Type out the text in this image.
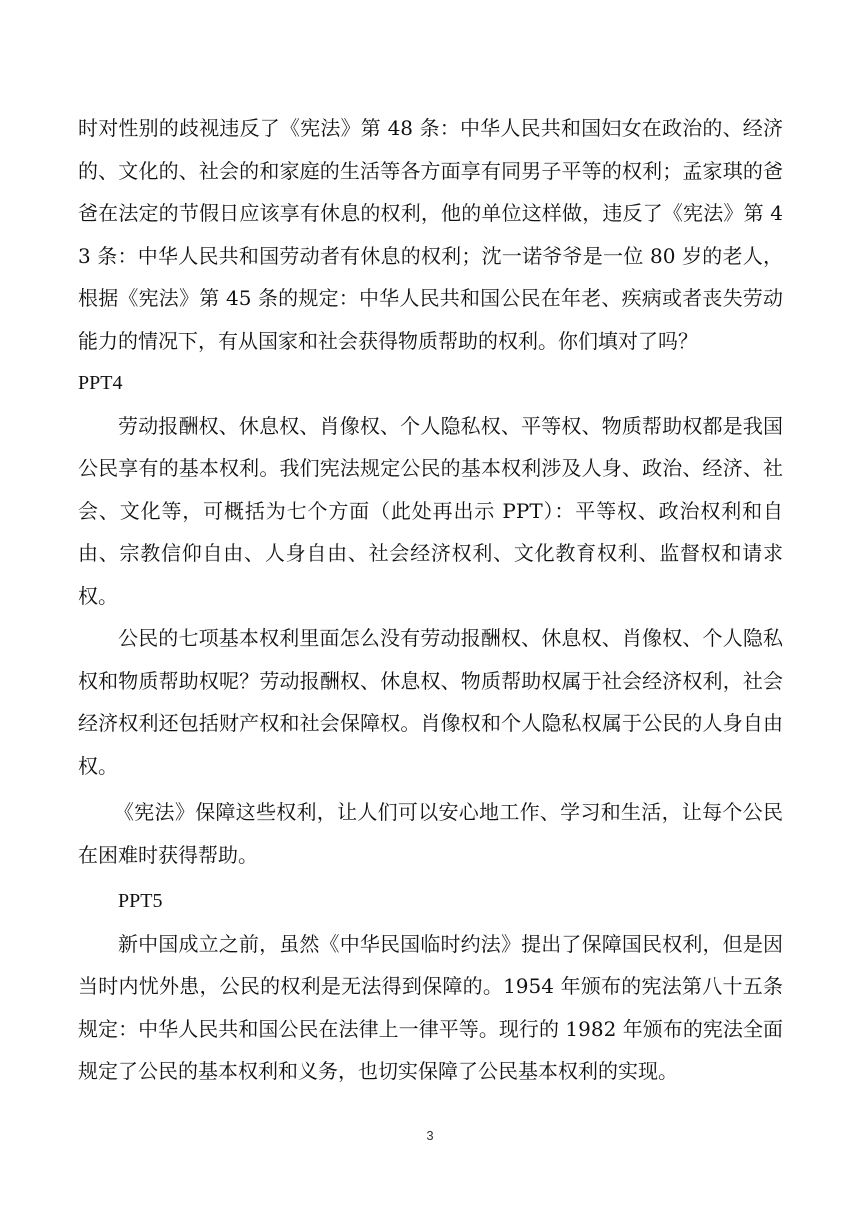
时对性别的歧视违反了《宪法》第 48 条：中华人民共和国妇女在政治的、经济的、文化的、社会的和家庭的生活等各方面享有同男子平等的权利；孟家琪的爸爸在法定的节假日应该享有休息的权利，他的单位这样做，违反了《宪法》第 43 条：中华人民共和国劳动者有休息的权利；沈一诺爷爷是一位 80 岁的老人，根据《宪法》第 45 条的规定：中华人民共和国公民在年老、疾病或者丧失劳动能力的情况下，有从国家和社会获得物质帮助的权利。你们填对了吗？

PPT4

劳动报酬权、休息权、肖像权、个人隐私权、平等权、物质帮助权都是我国公民享有的基本权利。我们宪法规定公民的基本权利涉及人身、政治、经济、社会、文化等，可概括为七个方面（此处再出示 PPT）：平等权、政治权利和自由、宗教信仰自由、人身自由、社会经济权利、文化教育权利、监督权和请求权。

公民的七项基本权利里面怎么没有劳动报酬权、休息权、肖像权、个人隐私权和物质帮助权呢？劳动报酬权、休息权、物质帮助权属于社会经济权利，社会经济权利还包括财产权和社会保障权。肖像权和个人隐私权属于公民的人身自由权。

《宪法》保障这些权利，让人们可以安心地工作、学习和生活，让每个公民在困难时获得帮助。

PPT5

新中国成立之前，虽然《中华民国临时约法》提出了保障国民权利，但是因当时内忧外患，公民的权利是无法得到保障的。1954 年颁布的宪法第八十五条规定：中华人民共和国公民在法律上一律平等。现行的 1982 年颁布的宪法全面规定了公民的基本权利和义务，也切实保障了公民基本权利的实现。

3
